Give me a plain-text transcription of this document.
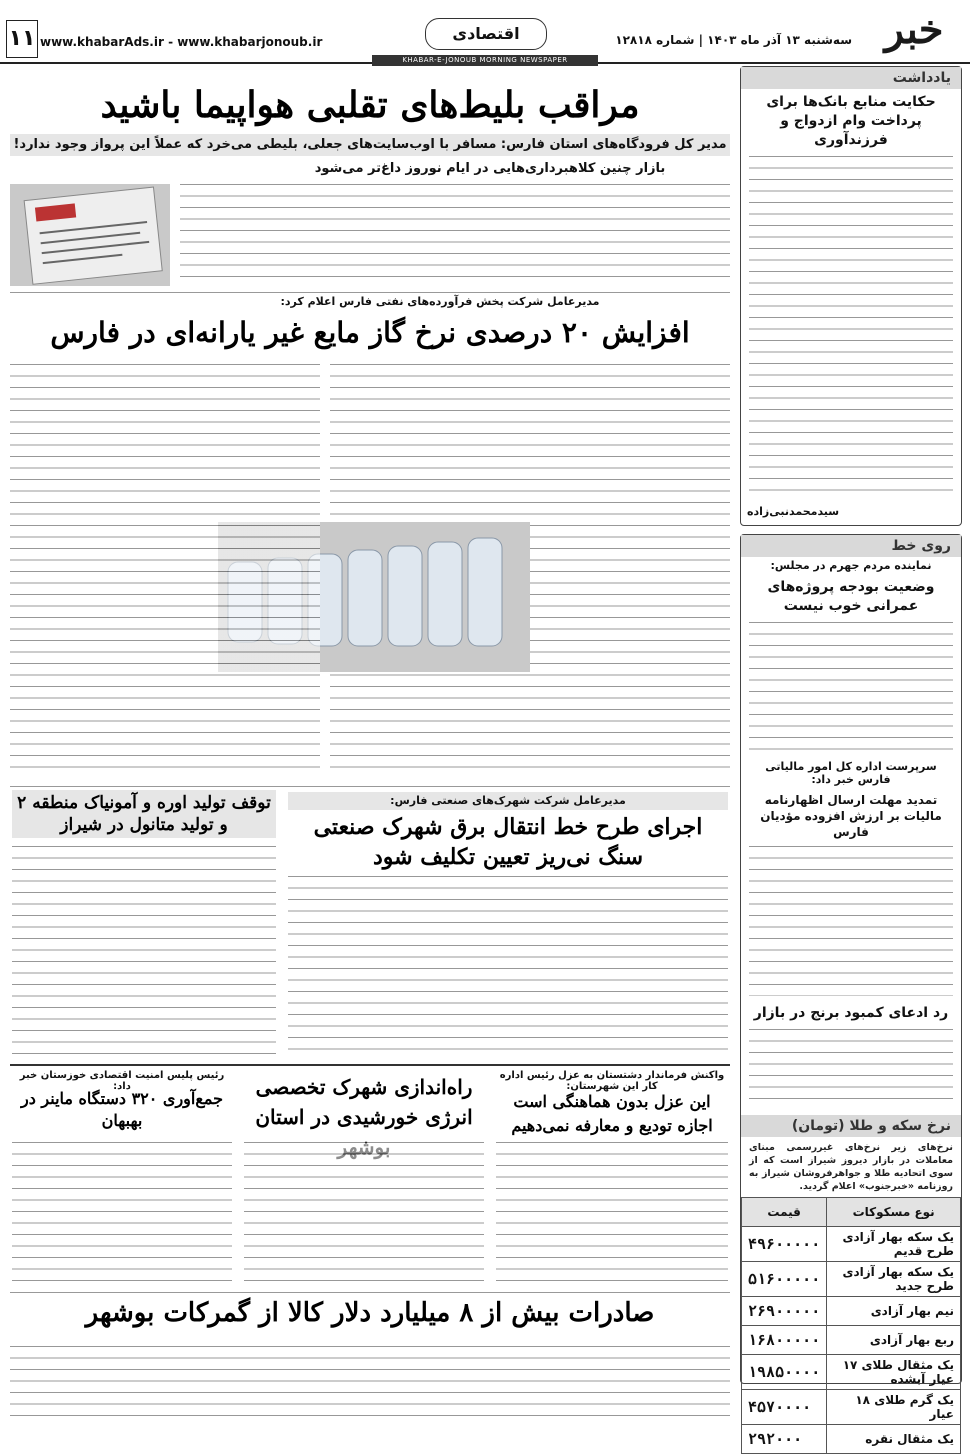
خبر
سه‌شنبه ۱۳ آذر ماه ۱۴۰۳ | شماره ۱۲۸۱۸
اقتصادی
www.khabarAds.ir - www.khabarjonoub.ir
۱۱
KHABAR-E-JONOUB MORNING NEWSPAPER
یادداشت
حکایت منابع بانک‌ها برای پرداخت وام ازدواج و فرزندآوری
سیدمحمدنبی‌زاده
روی خط
نماینده مردم جهرم در مجلس:
وضعیت بودجه پروژه‌های عمرانی خوب نیست
سرپرست اداره کل امور مالیاتی فارس خبر داد:
تمدید مهلت ارسال اظهارنامه مالیات بر ارزش افزوده مؤدیان فارس
رد ادعای کمبود برنج در بازار
نرخ سکه و طلا (تومان)
نرخ‌های زیر نرخ‌های غیررسمی مبنای معاملات در بازار دیروز شیراز است که از سوی اتحادیه طلا و جواهرفروشان شیراز به روزنامه «خبرجنوب» اعلام گردید.
نوع مسکوکات	قیمت
یک سکه بهار آزادی طرح قدیم	۴۹۶۰۰۰۰۰
یک سکه بهار آزادی طرح جدید	۵۱۶۰۰۰۰۰
نیم بهار آزادی	۲۶۹۰۰۰۰۰
ربع بهار آزادی	۱۶۸۰۰۰۰۰
یک مثقال طلای ۱۷ عیار آبشده	۱۹۸۵۰۰۰۰
یک گرم طلای ۱۸ عیار	۴۵۷۰۰۰۰
یک مثقال نقره	۲۹۲۰۰۰
مراقب بلیط‌های تقلبی هواپیما باشید
مدیر کل فرودگاه‌های استان فارس: مسافر با اوب‌سایت‌های جعلی، بلیطی می‌خرد که عملاً این پرواز وجود ندارد!
بازار چنین کلاهبرداری‌هایی در ایام نوروز داغ‌تر می‌شود
مدیرعامل شرکت پخش فرآورده‌های نفتی فارس اعلام کرد:
افزایش ۲۰ درصدی نرخ گاز مایع غیر یارانه‌ای در فارس
توقف تولید اوره و آمونیاک منطقه ۲ و تولید متانول در شیراز
مدیرعامل شرکت شهرک‌های صنعتی فارس:
اجرای طرح خط انتقال برق شهرک صنعتی سنگ نی‌ریز تعیین تکلیف شود
رئیس پلیس امنیت اقتصادی خوزستان خبر داد:
جمع‌آوری ۳۲۰ دستگاه ماینر در بهبهان
راه‌اندازی شهرک تخصصی انرژی خورشیدی در استان
واکنش فرماندار دشتستان به عزل رئیس اداره کار این شهرستان:
این عزل بدون هماهنگی است اجازه تودیع و معارفه نمی‌دهیم
صادرات بیش از ۸ میلیارد دلار کالا از گمرکات بوشهر
